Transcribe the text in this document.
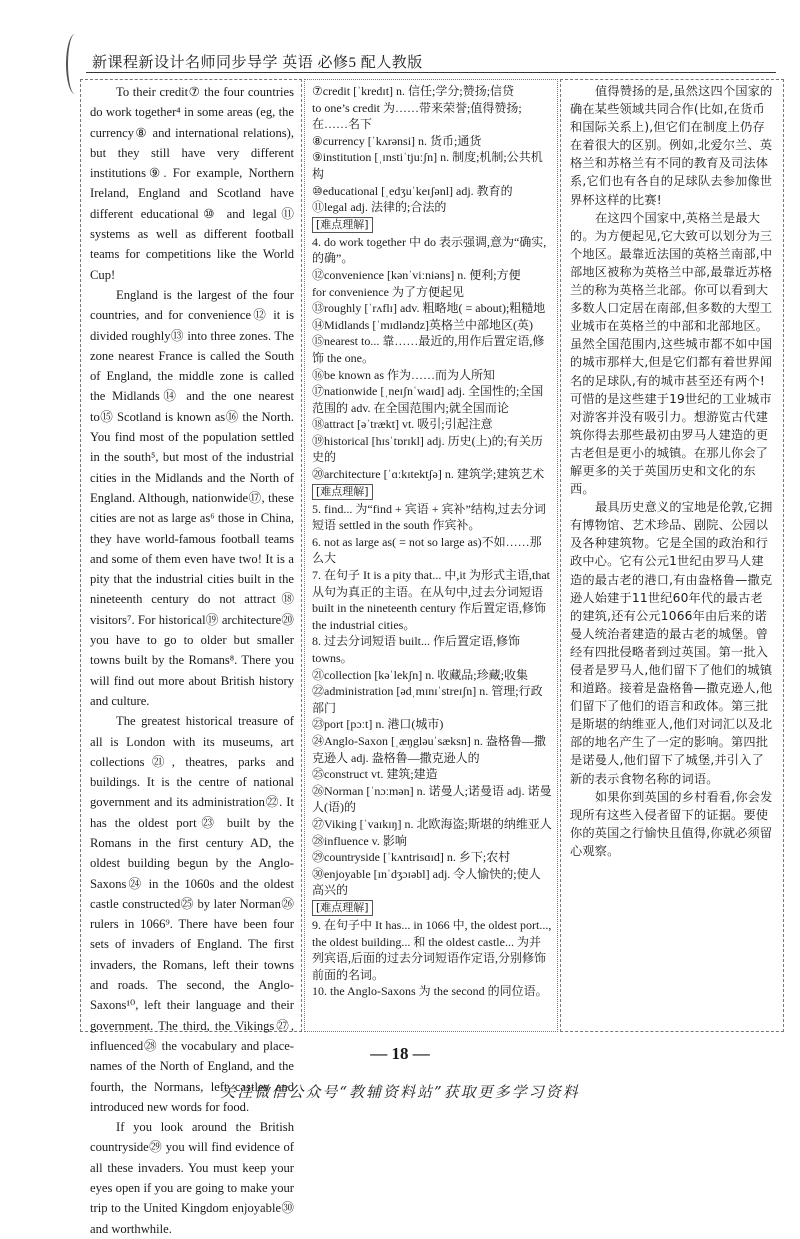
新课程新设计名师同步导学 英语 必修5 配人教版

To their credit⑦ the four countries do work together⁴ in some areas (eg, the currency⑧ and international relations), but they still have very different institutions⑨. For example, Northern Ireland, England and Scotland have different educational⑩ and legal⑪ systems as well as different football teams for competitions like the World Cup!

England is the largest of the four countries, and for convenience⑫ it is divided roughly⑬ into three zones. The zone nearest France is called the South of England, the middle zone is called the Midlands⑭ and the one nearest to⑮ Scotland is known as⑯ the North. You find most of the population settled in the south⁵, but most of the industrial cities in the Midlands and the North of England. Although, nationwide⑰, these cities are not as large as⁶ those in China, they have world-famous football teams and some of them even have two! It is a pity that the industrial cities built in the nineteenth century do not attract⑱ visitors⁷. For historical⑲ architecture⑳ you have to go to older but smaller towns built by the Romans⁸. There you will find out more about British history and culture.

The greatest historical treasure of all is London with its museums, art collections㉑, theatres, parks and buildings. It is the centre of national government and its administration㉒. It has the oldest port㉓ built by the Romans in the first century AD, the oldest building begun by the Anglo-Saxons㉔ in the 1060s and the oldest castle constructed㉕ by later Norman㉖ rulers in 1066⁹. There have been four sets of invaders of England. The first invaders, the Romans, left their towns and roads. The second, the Anglo-Saxons¹⁰, left their language and their government. The third, the Vikings㉗, influenced㉘ the vocabulary and place-names of the North of England, and the fourth, the Normans, left castles and introduced new words for food.

If you look around the British countryside㉙ you will find evidence of all these invaders. You must keep your eyes open if you are going to make your trip to the United Kingdom enjoyable㉚ and worthwhile.

⑦credit [ˈkredɪt] n. 信任;学分;赞扬;信贷
to one’s credit 为……带来荣誉;值得赞扬;在……名下
⑧currency [ˈkʌrənsi] n. 货币;通货
⑨institution [ˌɪnstiˈtjuːʃn] n. 制度;机制;公共机构
⑩educational [ˌedʒuˈkeɪʃənl] adj. 教育的
⑪legal adj. 法律的;合法的
[难点理解]
4. do work together 中 do 表示强调,意为“确实,的确”。
⑫convenience [kənˈviːniəns] n. 便利;方便
for convenience 为了方便起见
⑬roughly [ˈrʌflɪ] adv. 粗略地( = about);粗糙地
⑭Midlands [ˈmɪdləndz]英格兰中部地区(英)
⑮nearest to... 靠……最近的,用作后置定语,修饰 the one。
⑯be known as 作为……而为人所知
⑰nationwide [ˌneɪʃnˈwaɪd] adj. 全国性的;全国范围的 adv. 在全国范围内;就全国而论
⑱attract [əˈtrækt] vt. 吸引;引起注意
⑲historical [hɪsˈtɒrɪkl] adj. 历史(上)的;有关历史的
⑳architecture [ˈɑːkɪtektʃə] n. 建筑学;建筑艺术
[难点理解]
5. find... 为“find + 宾语 + 宾补”结构,过去分词短语 settled in the south 作宾补。
6. not as large as( = not so large as)不如……那么大
7. 在句子 It is a pity that... 中,it 为形式主语,that 从句为真正的主语。在从句中,过去分词短语 built in the nineteenth century 作后置定语,修饰 the industrial cities。
8. 过去分词短语 built... 作后置定语,修饰 towns。
㉑collection [kəˈlekʃn] n. 收藏品;珍藏;收集
㉒administration [ədˌmɪnɪˈstreɪʃn] n. 管理;行政部门
㉓port [pɔːt] n. 港口(城市)
㉔Anglo-Saxon [ˌæŋgləuˈsæksn] n. 盎格鲁—撒克逊人 adj. 盎格鲁—撒克逊人的
㉕construct vt. 建筑;建造
㉖Norman [ˈnɔːmən] n. 诺曼人;诺曼语 adj. 诺曼人(语)的
㉗Viking [ˈvaɪkɪŋ] n. 北欧海盗;斯堪的纳维亚人
㉘influence v. 影响
㉙countryside [ˈkʌntrisɑɪd] n. 乡下;农村
㉚enjoyable [ɪnˈdʒɔɪəbl] adj. 令人愉快的;使人高兴的
[难点理解]
9. 在句子中 It has... in 1066 中, the oldest port..., the oldest building... 和 the oldest castle... 为并列宾语,后面的过去分词短语作定语,分别修饰前面的名词。
10. the Anglo-Saxons 为 the second 的同位语。

值得赞扬的是,虽然这四个国家的确在某些领域共同合作(比如,在货币和国际关系上),但它们在制度上仍存在着很大的区别。例如,北爱尔兰、英格兰和苏格兰有不同的教育及司法体系,它们也有各自的足球队去参加像世界杯这样的比赛!

在这四个国家中,英格兰是最大的。为方便起见,它大致可以划分为三个地区。最靠近法国的英格兰南部,中部地区被称为英格兰中部,最靠近苏格兰的称为英格兰北部。你可以看到大多数人口定居在南部,但多数的大型工业城市在英格兰的中部和北部地区。虽然全国范围内,这些城市都不如中国的城市那样大,但是它们都有着世界闻名的足球队,有的城市甚至还有两个!可惜的是这些建于19世纪的工业城市对游客并没有吸引力。想游览古代建筑你得去那些最初由罗马人建造的更古老但是更小的城镇。在那儿你会了解更多的关于英国历史和文化的东西。

最具历史意义的宝地是伦敦,它拥有博物馆、艺术珍品、剧院、公园以及各种建筑物。它是全国的政治和行政中心。它有公元1世纪由罗马人建造的最古老的港口,有由盎格鲁—撒克逊人始建于11世纪60年代的最古老的建筑,还有公元1066年由后来的诺曼人统治者建造的最古老的城堡。曾经有四批侵略者到过英国。第一批入侵者是罗马人,他们留下了他们的城镇和道路。接着是盎格鲁—撒克逊人,他们留下了他们的语言和政体。第三批是斯堪的纳维亚人,他们对词汇以及北部的地名产生了一定的影响。第四批是诺曼人,他们留下了城堡,并引入了新的表示食物名称的词语。

如果你到英国的乡村看看,你会发现所有这些入侵者留下的证据。要使你的英国之行愉快且值得,你就必须留心观察。

— 18 —
关注微信公众号“教辅资料站”获取更多学习资料
